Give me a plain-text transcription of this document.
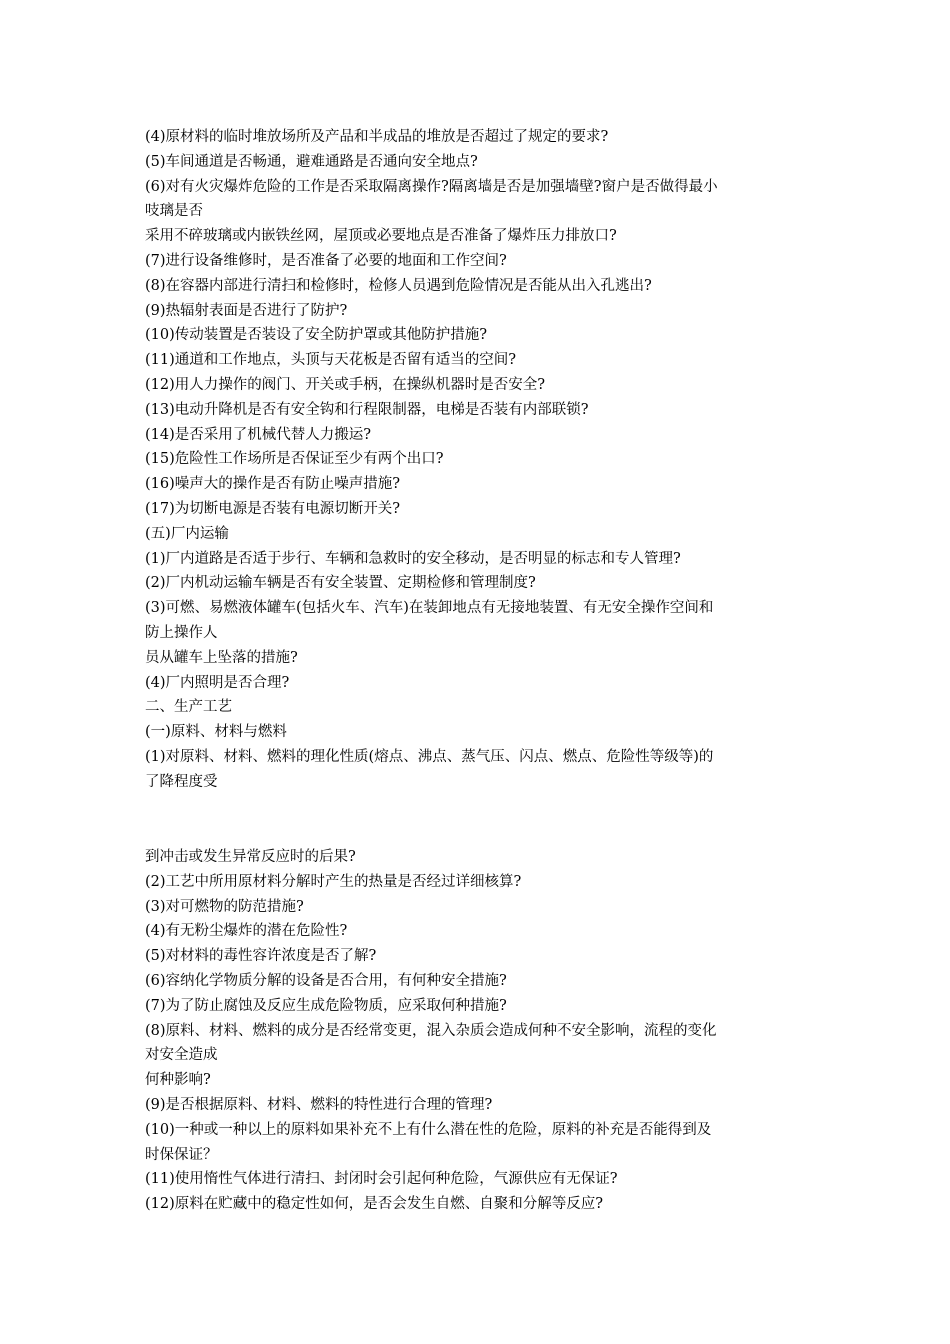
(4)原材料的临时堆放场所及产品和半成品的堆放是否超过了规定的要求?
(5)车间通道是否畅通，避难通路是否通向安全地点?
(6)对有火灾爆炸危险的工作是否采取隔离操作?隔离墙是否是加强墙壁?窗户是否做得最小
吱璃是否
采用不碎玻璃或内嵌铁丝网，屋顶或必要地点是否准备了爆炸压力排放口?
(7)进行设备维修时，是否准备了必要的地面和工作空间?
(8)在容器内部进行清扫和检修时，检修人员遇到危险情况是否能从出入孔逃出?
(9)热辐射表面是否进行了防护?
(10)传动装置是否装设了安全防护罩或其他防护措施?
(11)通道和工作地点，头顶与天花板是否留有适当的空间?
(12)用人力操作的阀门、开关或手柄，在操纵机器时是否安全?
(13)电动升降机是否有安全钩和行程限制器，电梯是否装有内部联锁?
(14)是否采用了机械代替人力搬运?
(15)危险性工作场所是否保证至少有两个出口?
(16)噪声大的操作是否有防止噪声措施?
(17)为切断电源是否装有电源切断开关?
(五)厂内运输
(1)厂内道路是否适于步行、车辆和急救时的安全移动，是否明显的标志和专人管理?
(2)厂内机动运输车辆是否有安全装置、定期检修和管理制度?
(3)可燃、易燃液体罐车(包括火车、汽车)在装卸地点有无接地装置、有无安全操作空间和
防上操作人
员从罐车上坠落的措施?
(4)厂内照明是否合理?
二、生产工艺
(一)原料、材料与燃料
(1)对原料、材料、燃料的理化性质(熔点、沸点、蒸气压、闪点、燃点、危险性等级等)的
了降程度受
到冲击或发生异常反应时的后果?
(2)工艺中所用原材料分解时产生的热量是否经过详细核算?
(3)对可燃物的防范措施?
(4)有无粉尘爆炸的潜在危险性?
(5)对材料的毒性容许浓度是否了解?
(6)容纳化学物质分解的设备是否合用，有何种安全措施?
(7)为了防止腐蚀及反应生成危险物质，应采取何种措施?
(8)原料、材料、燃料的成分是否经常变更，混入杂质会造成何种不安全影响，流程的变化
对安全造成
何种影响?
(9)是否根据原料、材料、燃料的特性进行合理的管理?
(10)一种或一种以上的原料如果补充不上有什么潜在性的危险，原料的补充是否能得到及
时保保证？
(11)使用惰性气体进行清扫、封闭时会引起何种危险，气源供应有无保证?
(12)原料在贮藏中的稳定性如何，是否会发生自燃、自聚和分解等反应?
